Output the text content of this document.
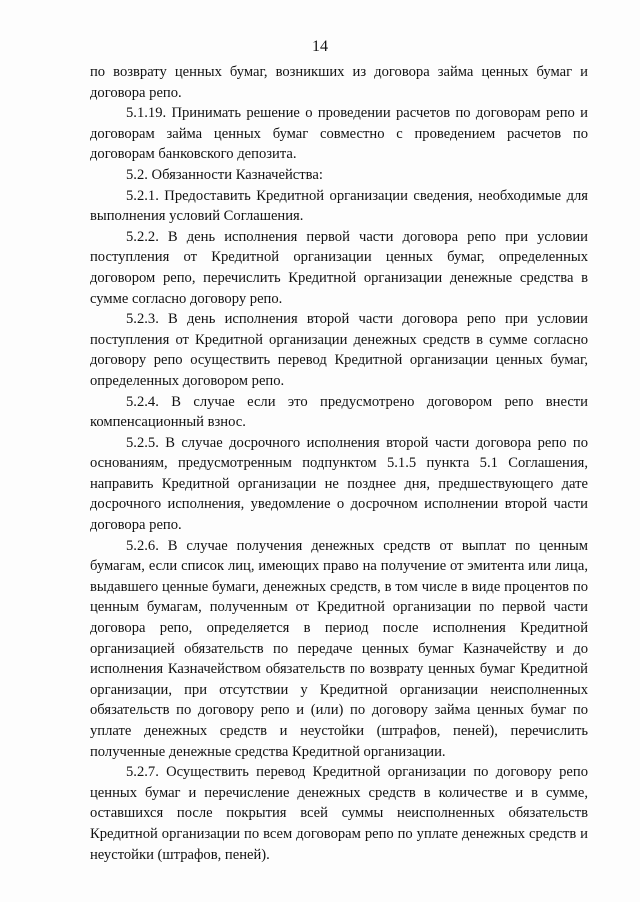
14

по возврату ценных бумаг, возникших из договора займа ценных бумаг и договора репо.

5.1.19. Принимать решение о проведении расчетов по договорам репо и договорам займа ценных бумаг совместно с проведением расчетов по договорам банковского депозита.

5.2. Обязанности Казначейства:

5.2.1. Предоставить Кредитной организации сведения, необходимые для выполнения условий Соглашения.

5.2.2. В день исполнения первой части договора репо при условии поступления от Кредитной организации ценных бумаг, определенных договором репо, перечислить Кредитной организации денежные средства в сумме согласно договору репо.

5.2.3. В день исполнения второй части договора репо при условии поступления от Кредитной организации денежных средств в сумме согласно договору репо осуществить перевод Кредитной организации ценных бумаг, определенных договором репо.

5.2.4. В случае если это предусмотрено договором репо внести компенсационный взнос.

5.2.5. В случае досрочного исполнения второй части договора репо по основаниям, предусмотренным подпунктом 5.1.5 пункта 5.1 Соглашения, направить Кредитной организации не позднее дня, предшествующего дате досрочного исполнения, уведомление о досрочном исполнении второй части договора репо.

5.2.6. В случае получения денежных средств от выплат по ценным бумагам, если список лиц, имеющих право на получение от эмитента или лица, выдавшего ценные бумаги, денежных средств, в том числе в виде процентов по ценным бумагам, полученным от Кредитной организации по первой части договора репо, определяется в период после исполнения Кредитной организацией обязательств по передаче ценных бумаг Казначейству и до исполнения Казначейством обязательств по возврату ценных бумаг Кредитной организации, при отсутствии у Кредитной организации неисполненных обязательств по договору репо и (или) по договору займа ценных бумаг по уплате денежных средств и неустойки (штрафов, пеней), перечислить полученные денежные средства Кредитной организации.

5.2.7. Осуществить перевод Кредитной организации по договору репо ценных бумаг и перечисление денежных средств в количестве и в сумме, оставшихся после покрытия всей суммы неисполненных обязательств Кредитной организации по всем договорам репо по уплате денежных средств и неустойки (штрафов, пеней).
